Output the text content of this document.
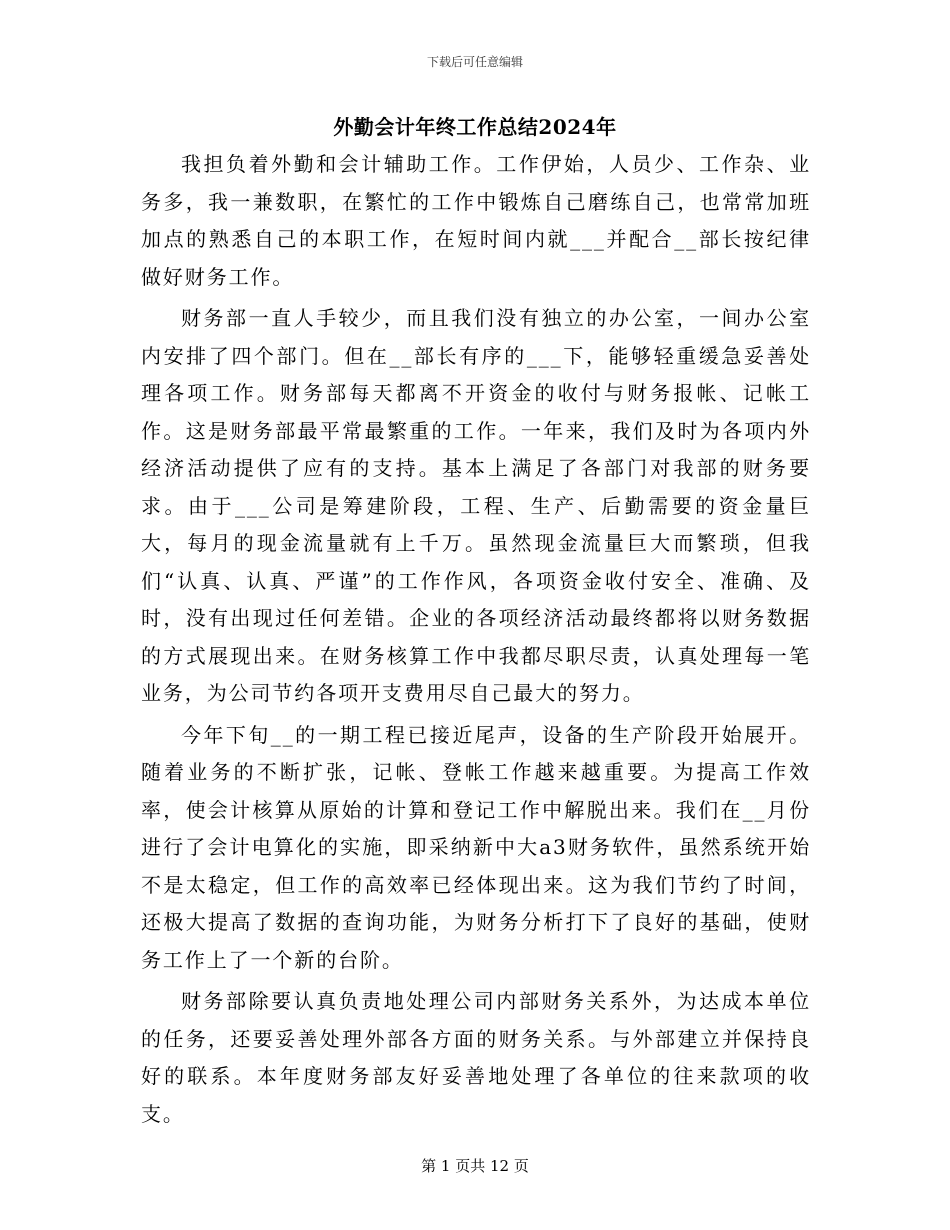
下载后可任意编辑
外勤会计年终工作总结2024年

我担负着外勤和会计辅助工作。工作伊始，人员少、工作杂、业务多，我一兼数职，在繁忙的工作中锻炼自己磨练自己，也常常加班加点的熟悉自己的本职工作，在短时间内就___并配合__部长按纪律做好财务工作。

财务部一直人手较少，而且我们没有独立的办公室，一间办公室内安排了四个部门。但在__部长有序的___下，能够轻重缓急妥善处理各项工作。财务部每天都离不开资金的收付与财务报帐、记帐工作。这是财务部最平常最繁重的工作。一年来，我们及时为各项内外经济活动提供了应有的支持。基本上满足了各部门对我部的财务要求。由于___公司是筹建阶段，工程、生产、后勤需要的资金量巨大，每月的现金流量就有上千万。虽然现金流量巨大而繁琐，但我们“认真、认真、严谨”的工作作风，各项资金收付安全、准确、及时，没有出现过任何差错。企业的各项经济活动最终都将以财务数据的方式展现出来。在财务核算工作中我都尽职尽责，认真处理每一笔业务，为公司节约各项开支费用尽自己最大的努力。

今年下旬__的一期工程已接近尾声，设备的生产阶段开始展开。随着业务的不断扩张，记帐、登帐工作越来越重要。为提高工作效率，使会计核算从原始的计算和登记工作中解脱出来。我们在__月份进行了会计电算化的实施，即采纳新中大a3财务软件，虽然系统开始不是太稳定，但工作的高效率已经体现出来。这为我们节约了时间，还极大提高了数据的查询功能，为财务分析打下了良好的基础，使财务工作上了一个新的台阶。

财务部除要认真负责地处理公司内部财务关系外，为达成本单位的任务，还要妥善处理外部各方面的财务关系。与外部建立并保持良好的联系。本年度财务部友好妥善地处理了各单位的往来款项的收支。

第 1 页共 12 页
